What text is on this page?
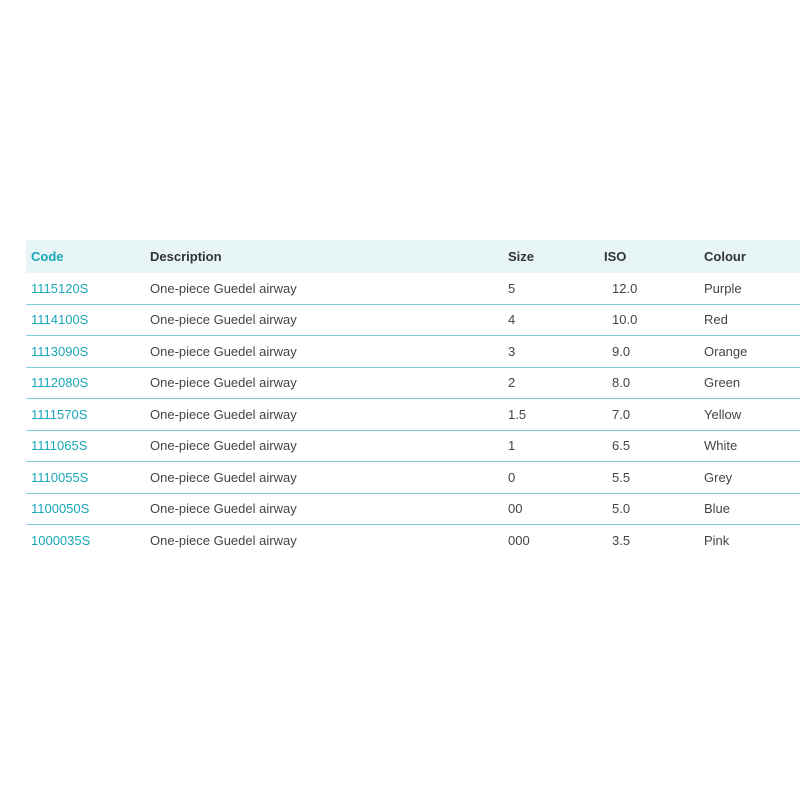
Code	Description	Size	ISO	Colour
1115120S	One-piece Guedel airway	5	12.0	Purple
1114100S	One-piece Guedel airway	4	10.0	Red
1113090S	One-piece Guedel airway	3	9.0	Orange
1112080S	One-piece Guedel airway	2	8.0	Green
1111570S	One-piece Guedel airway	1.5	7.0	Yellow
1111065S	One-piece Guedel airway	1	6.5	White
1110055S	One-piece Guedel airway	0	5.5	Grey
1100050S	One-piece Guedel airway	00	5.0	Blue
1000035S	One-piece Guedel airway	000	3.5	Pink
